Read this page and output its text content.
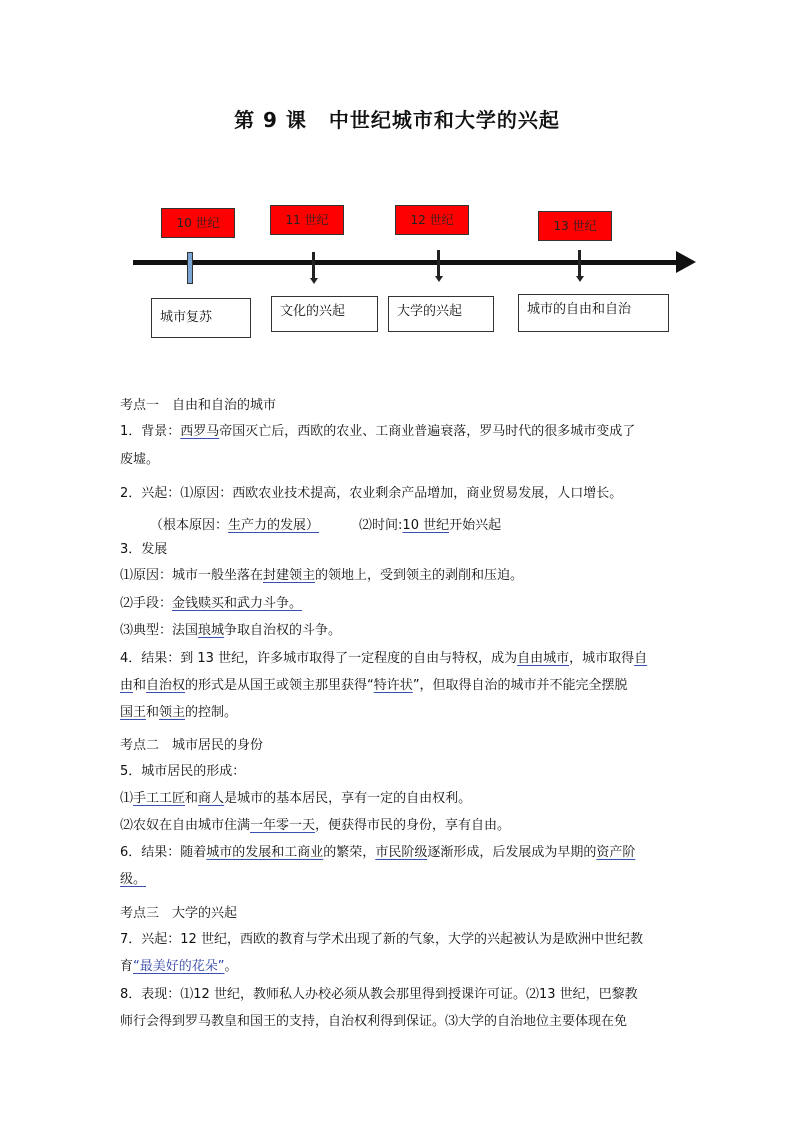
第 9 课 中世纪城市和大学的兴起
10 世纪	11 世纪	12 世纪	13 世纪
城市复苏	文化的兴起	大学的兴起	城市的自由和自治
考点一　自由和自治的城市
1．背景：西罗马帝国灭亡后，西欧的农业、工商业普遍衰落，罗马时代的很多城市变成了
废墟。
2．兴起：⑴原因：西欧农业技术提高，农业剩余产品增加，商业贸易发展，人口增长。
（根本原因：生产力的发展）	⑵时间:10 世纪开始兴起
3．发展
⑴原因：城市一般坐落在封建领主的领地上，受到领主的剥削和压迫。
⑵手段：金钱赎买和武力斗争。
⑶典型：法国琅城争取自治权的斗争。
4．结果：到 13 世纪，许多城市取得了一定程度的自由与特权，成为自由城市，城市取得自
由和自治权的形式是从国王或领主那里获得“特许状”，但取得自治的城市并不能完全摆脱
国王和领主的控制。
考点二　城市居民的身份
5．城市居民的形成：
⑴手工工匠和商人是城市的基本居民，享有一定的自由权利。
⑵农奴在自由城市住满一年零一天，便获得市民的身份，享有自由。
6．结果：随着城市的发展和工商业的繁荣，市民阶级逐渐形成，后发展成为早期的资产阶
级。
考点三　大学的兴起
7．兴起：12 世纪，西欧的教育与学术出现了新的气象，大学的兴起被认为是欧洲中世纪教
育“最美好的花朵”。
8．表现：⑴12 世纪，教师私人办校必须从教会那里得到授课许可证。⑵13 世纪，巴黎教
师行会得到罗马教皇和国王的支持，自治权利得到保证。⑶大学的自治地位主要体现在免
